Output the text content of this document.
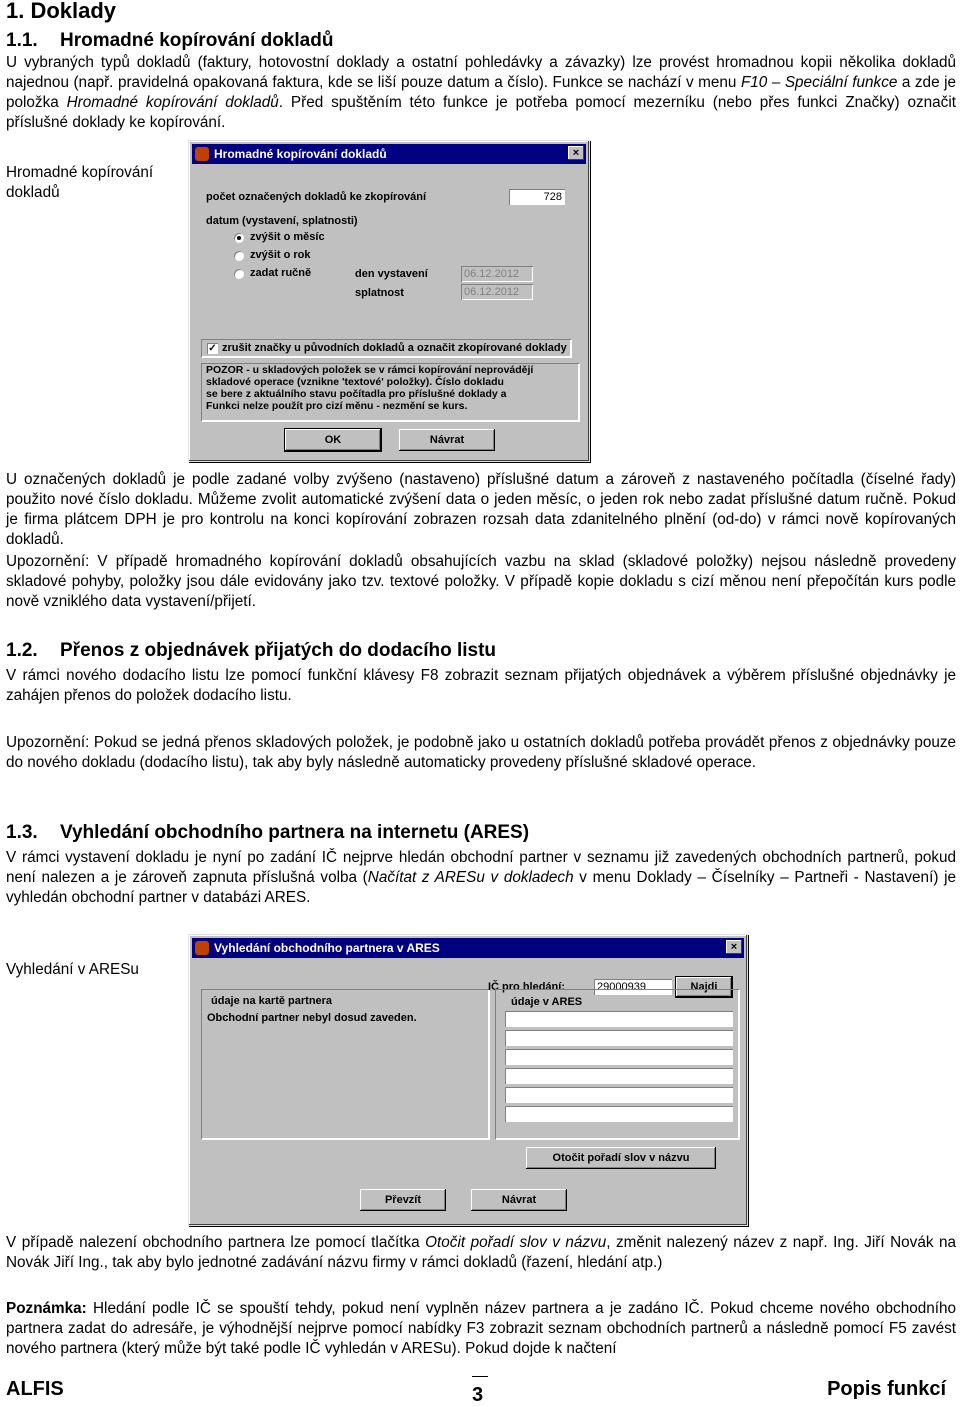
1. Doklady
1.1. Hromadné kopírování dokladů
U vybraných typů dokladů (faktury, hotovostní doklady a ostatní pohledávky a závazky) lze provést hromadnou kopii několika dokladů najednou (např. pravidelná opakovaná faktura, kde se liší pouze datum a číslo). Funkce se nachází v menu F10 – Speciální funkce a zde je položka Hromadné kopírování dokladů. Před spuštěním této funkce je potřeba pomocí mezerníku (nebo přes funkci Značky) označit příslušné doklady ke kopírování.
Hromadné kopírování dokladů
Hromadné kopírování dokladů	×
počet označených dokladů ke zkopírování	728
datum (vystavení, splatnosti)
zvýšit o měsíc
zvýšit o rok
zadat ručně	den vystavení	06.12.2012
splatnost	06.12.2012
✓ zrušit značky u původních dokladů a označit zkopírované doklady
POZOR - u skladových položek se v rámci kopírování neprovádějí
skladové operace (vznikne 'textové' položky). Číslo dokladu
se bere z aktuálního stavu počítadla pro příslušné doklady a
Funkci nelze použít pro cizí měnu - nezmění se kurs.
OK	Návrat
U označených dokladů je podle zadané volby zvýšeno (nastaveno) příslušné datum a zároveň z nastaveného počítadla (číselné řady) použito nové číslo dokladu. Můžeme zvolit automatické zvýšení data o jeden měsíc, o jeden rok nebo zadat příslušné datum ručně. Pokud je firma plátcem DPH je pro kontrolu na konci kopírování zobrazen rozsah data zdanitelného plnění (od-do) v rámci nově kopírovaných dokladů.
Upozornění: V případě hromadného kopírování dokladů obsahujících vazbu na sklad (skladové položky) nejsou následně provedeny skladové pohyby, položky jsou dále evidovány jako tzv. textové položky. V případě kopie dokladu s cizí měnou není přepočítán kurs podle nově vzniklého data vystavení/přijetí.
1.2. Přenos z objednávek přijatých do dodacího listu
V rámci nového dodacího listu lze pomocí funkční klávesy F8 zobrazit seznam přijatých objednávek a výběrem příslušné objednávky je zahájen přenos do položek dodacího listu.
Upozornění: Pokud se jedná přenos skladových položek, je podobně jako u ostatních dokladů potřeba provádět přenos z objednávky pouze do nového dokladu (dodacího listu), tak aby byly následně automaticky provedeny příslušné skladové operace.
1.3. Vyhledání obchodního partnera na internetu (ARES)
V rámci vystavení dokladu je nyní po zadání IČ nejprve hledán obchodní partner v seznamu již zavedených obchodních partnerů, pokud není nalezen a je zároveň zapnuta příslušná volba (Načítat z ARESu v dokladech v menu Doklady – Číselníky – Partneři - Nastavení) je vyhledán obchodní partner v databázi ARES.
Vyhledání v ARESu
Vyhledání obchodního partnera v ARES	×
údaje na kartě partnera
Obchodní partner nebyl dosud zaveden.
IČ pro hledání:	29000939	Najdi
údaje v ARES
Otočit pořadí slov v názvu
Převzít	Návrat
V případě nalezení obchodního partnera lze pomocí tlačítka Otočit pořadí slov v názvu, změnit nalezený název z např. Ing. Jiří Novák na Novák Jiří Ing., tak aby bylo jednotné zadávání názvu firmy v rámci dokladů (řazení, hledání atp.)
Poznámka: Hledání podle IČ se spouští tehdy, pokud není vyplněn název partnera a je zadáno IČ. Pokud chceme nového obchodního partnera zadat do adresáře, je výhodnější nejprve pomocí nabídky F3 zobrazit seznam obchodních partnerů a následně pomocí F5 zavést nového partnera (který může být také podle IČ vyhledán v ARESu). Pokud dojde k načtení
ALFIS	3	Popis funkcí
